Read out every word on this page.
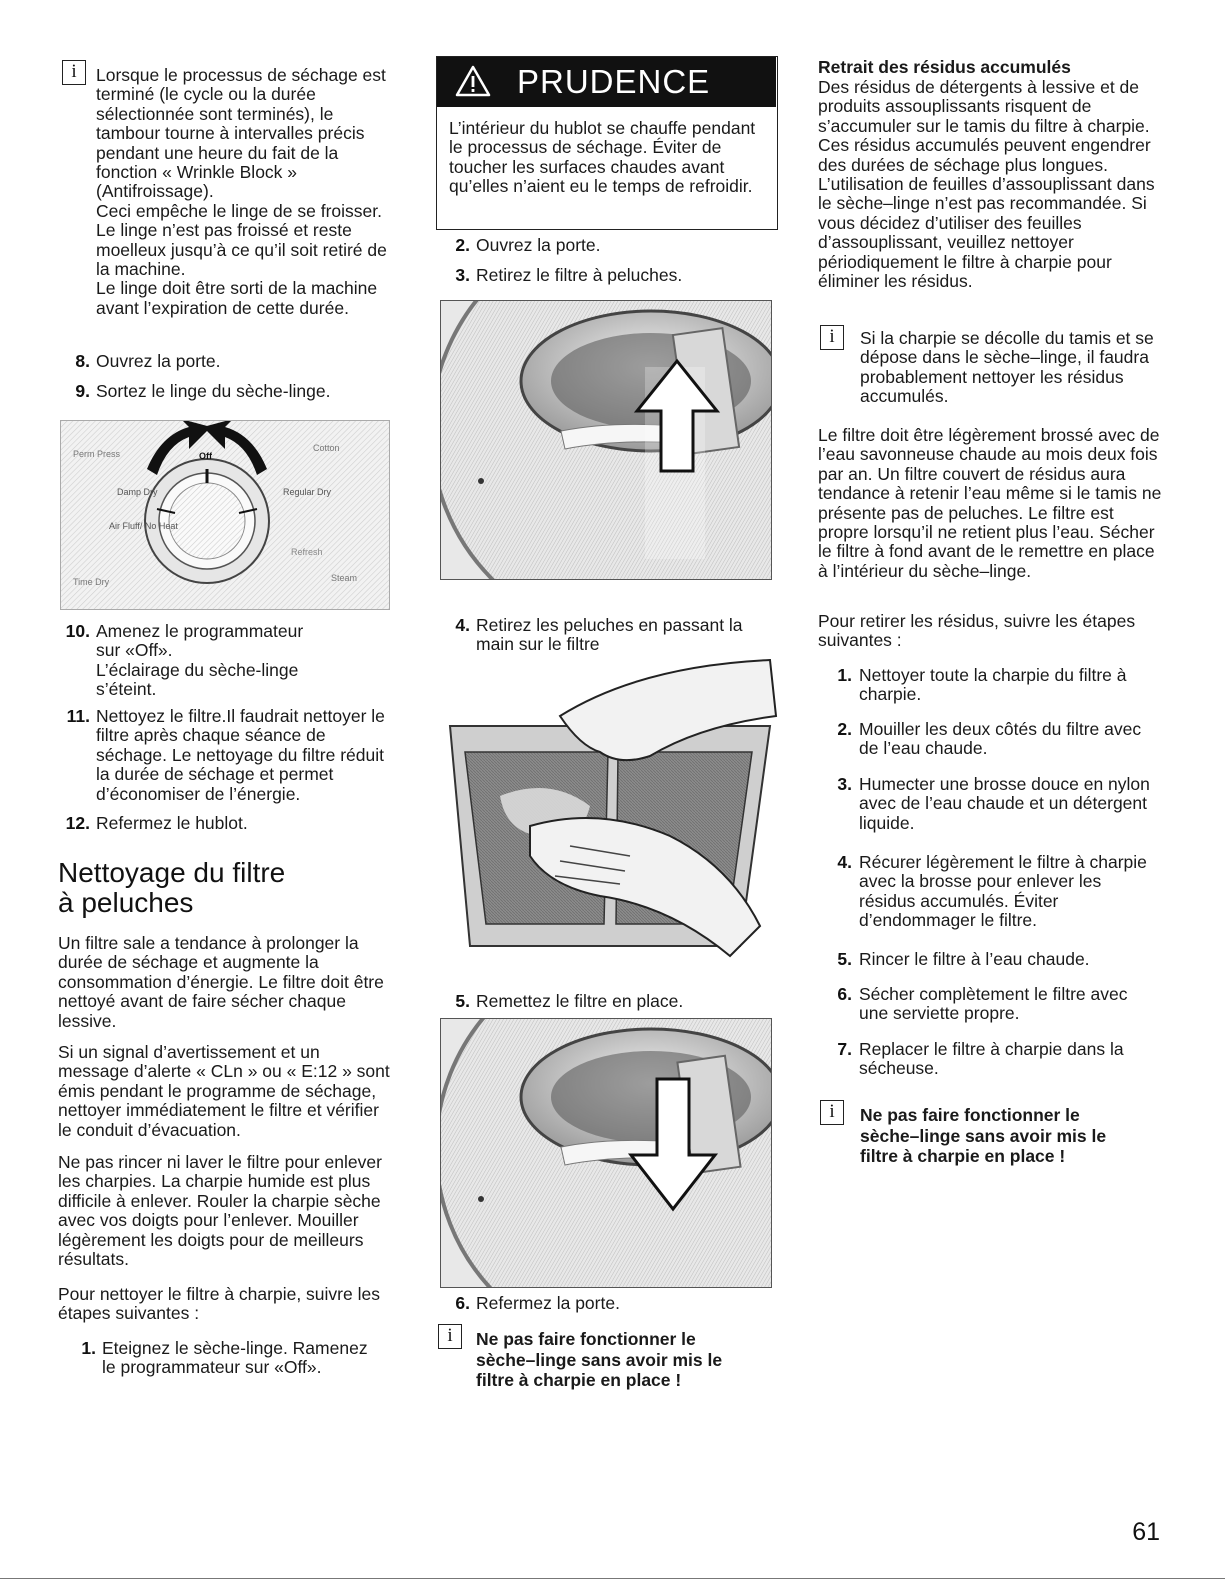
i	Lorsque le processus de séchage est terminé (le cycle ou la durée sélectionnée sont terminés), le tambour tourne à intervalles précis pendant une heure du fait de la fonction « Wrinkle Block » (Antifroissage).
Ceci empêche le linge de se froisser. Le linge n’est pas froissé et reste moelleux jusqu’à ce qu’il soit retiré de la machine.
Le linge doit être sorti de la machine avant l’expiration de cette durée.
8. Ouvrez la porte.
9. Sortez le linge du sèche-linge.
Off
Perm Press
Cotton
Regular Dry
Damp Dry
Air Fluff/ No Heat
Time Dry	Steam
Refresh
10. Amenez le programmateur
sur «Off».
L’éclairage du sèche-linge
s’éteint.
11. Nettoyez le filtre.Il faudrait nettoyer le filtre après chaque séance de séchage. Le nettoyage du filtre réduit la durée de séchage et permet d’économiser de l’énergie.
12. Refermez le hublot.
Nettoyage du filtre
à peluches
Un filtre sale a tendance à prolonger la durée de séchage et augmente la consommation d’énergie. Le filtre doit être nettoyé avant de faire sécher chaque lessive.
Si un signal d’avertissement et un message d’alerte « CLn » ou « E:12 » sont émis pendant le programme de séchage, nettoyer immédiatement le filtre et vérifier le conduit d’évacuation.
Ne pas rincer ni laver le filtre pour enlever les charpies. La charpie humide est plus difficile à enlever. Rouler la charpie sèche avec vos doigts pour l’enlever. Mouiller légèrement les doigts pour de meilleurs résultats.
Pour nettoyer le filtre à charpie, suivre les étapes suivantes :
1. Eteignez le sèche-linge. Ramenez
le programmateur sur «Off».
PRUDENCE
L’intérieur du hublot se chauffe pendant le processus de séchage. Éviter de toucher les surfaces chaudes avant qu’elles n’aient eu le temps de refroidir.
2. Ouvrez la porte.
3. Retirez le filtre à peluches.
4. Retirez les peluches en passant la
main sur le filtre
5. Remettez le filtre en place.
6. Refermez la porte.
i	Ne pas faire fonctionner le
sèche–linge sans avoir mis le
filtre à charpie en place !
Retrait des résidus accumulés
Des résidus de détergents à lessive et de produits assouplissants risquent de s’accumuler sur le tamis du filtre à charpie. Ces résidus accumulés peuvent engendrer des durées de séchage plus longues. L’utilisation de feuilles d’assouplissant dans le sèche–linge n’est pas recommandée. Si vous décidez d’utiliser des feuilles d’assouplissant, veuillez nettoyer périodiquement le filtre à charpie pour éliminer les résidus.
i	Si la charpie se décolle du tamis et se dépose dans le sèche–linge, il faudra probablement nettoyer les résidus accumulés.
Le filtre doit être légèrement brossé avec de l’eau savonneuse chaude au mois deux fois par an. Un filtre couvert de résidus aura tendance à retenir l’eau même si le tamis ne présente pas de peluches. Le filtre est propre lorsqu’il ne retient plus l’eau. Sécher le filtre à fond avant de le remettre en place à l’intérieur du sèche–linge.
Pour retirer les résidus, suivre les étapes suivantes :
1. Nettoyer toute la charpie du filtre à charpie.
2. Mouiller les deux côtés du filtre avec de l’eau chaude.
3. Humecter une brosse douce en nylon avec de l’eau chaude et un détergent liquide.
4. Récurer légèrement le filtre à charpie avec la brosse pour enlever les résidus accumulés. Éviter d’endommager le filtre.
5. Rincer le filtre à l’eau chaude.
6. Sécher complètement le filtre avec une serviette propre.
7. Replacer le filtre à charpie dans la sécheuse.
i	Ne pas faire fonctionner le
sèche–linge sans avoir mis le
filtre à charpie en place !
61
